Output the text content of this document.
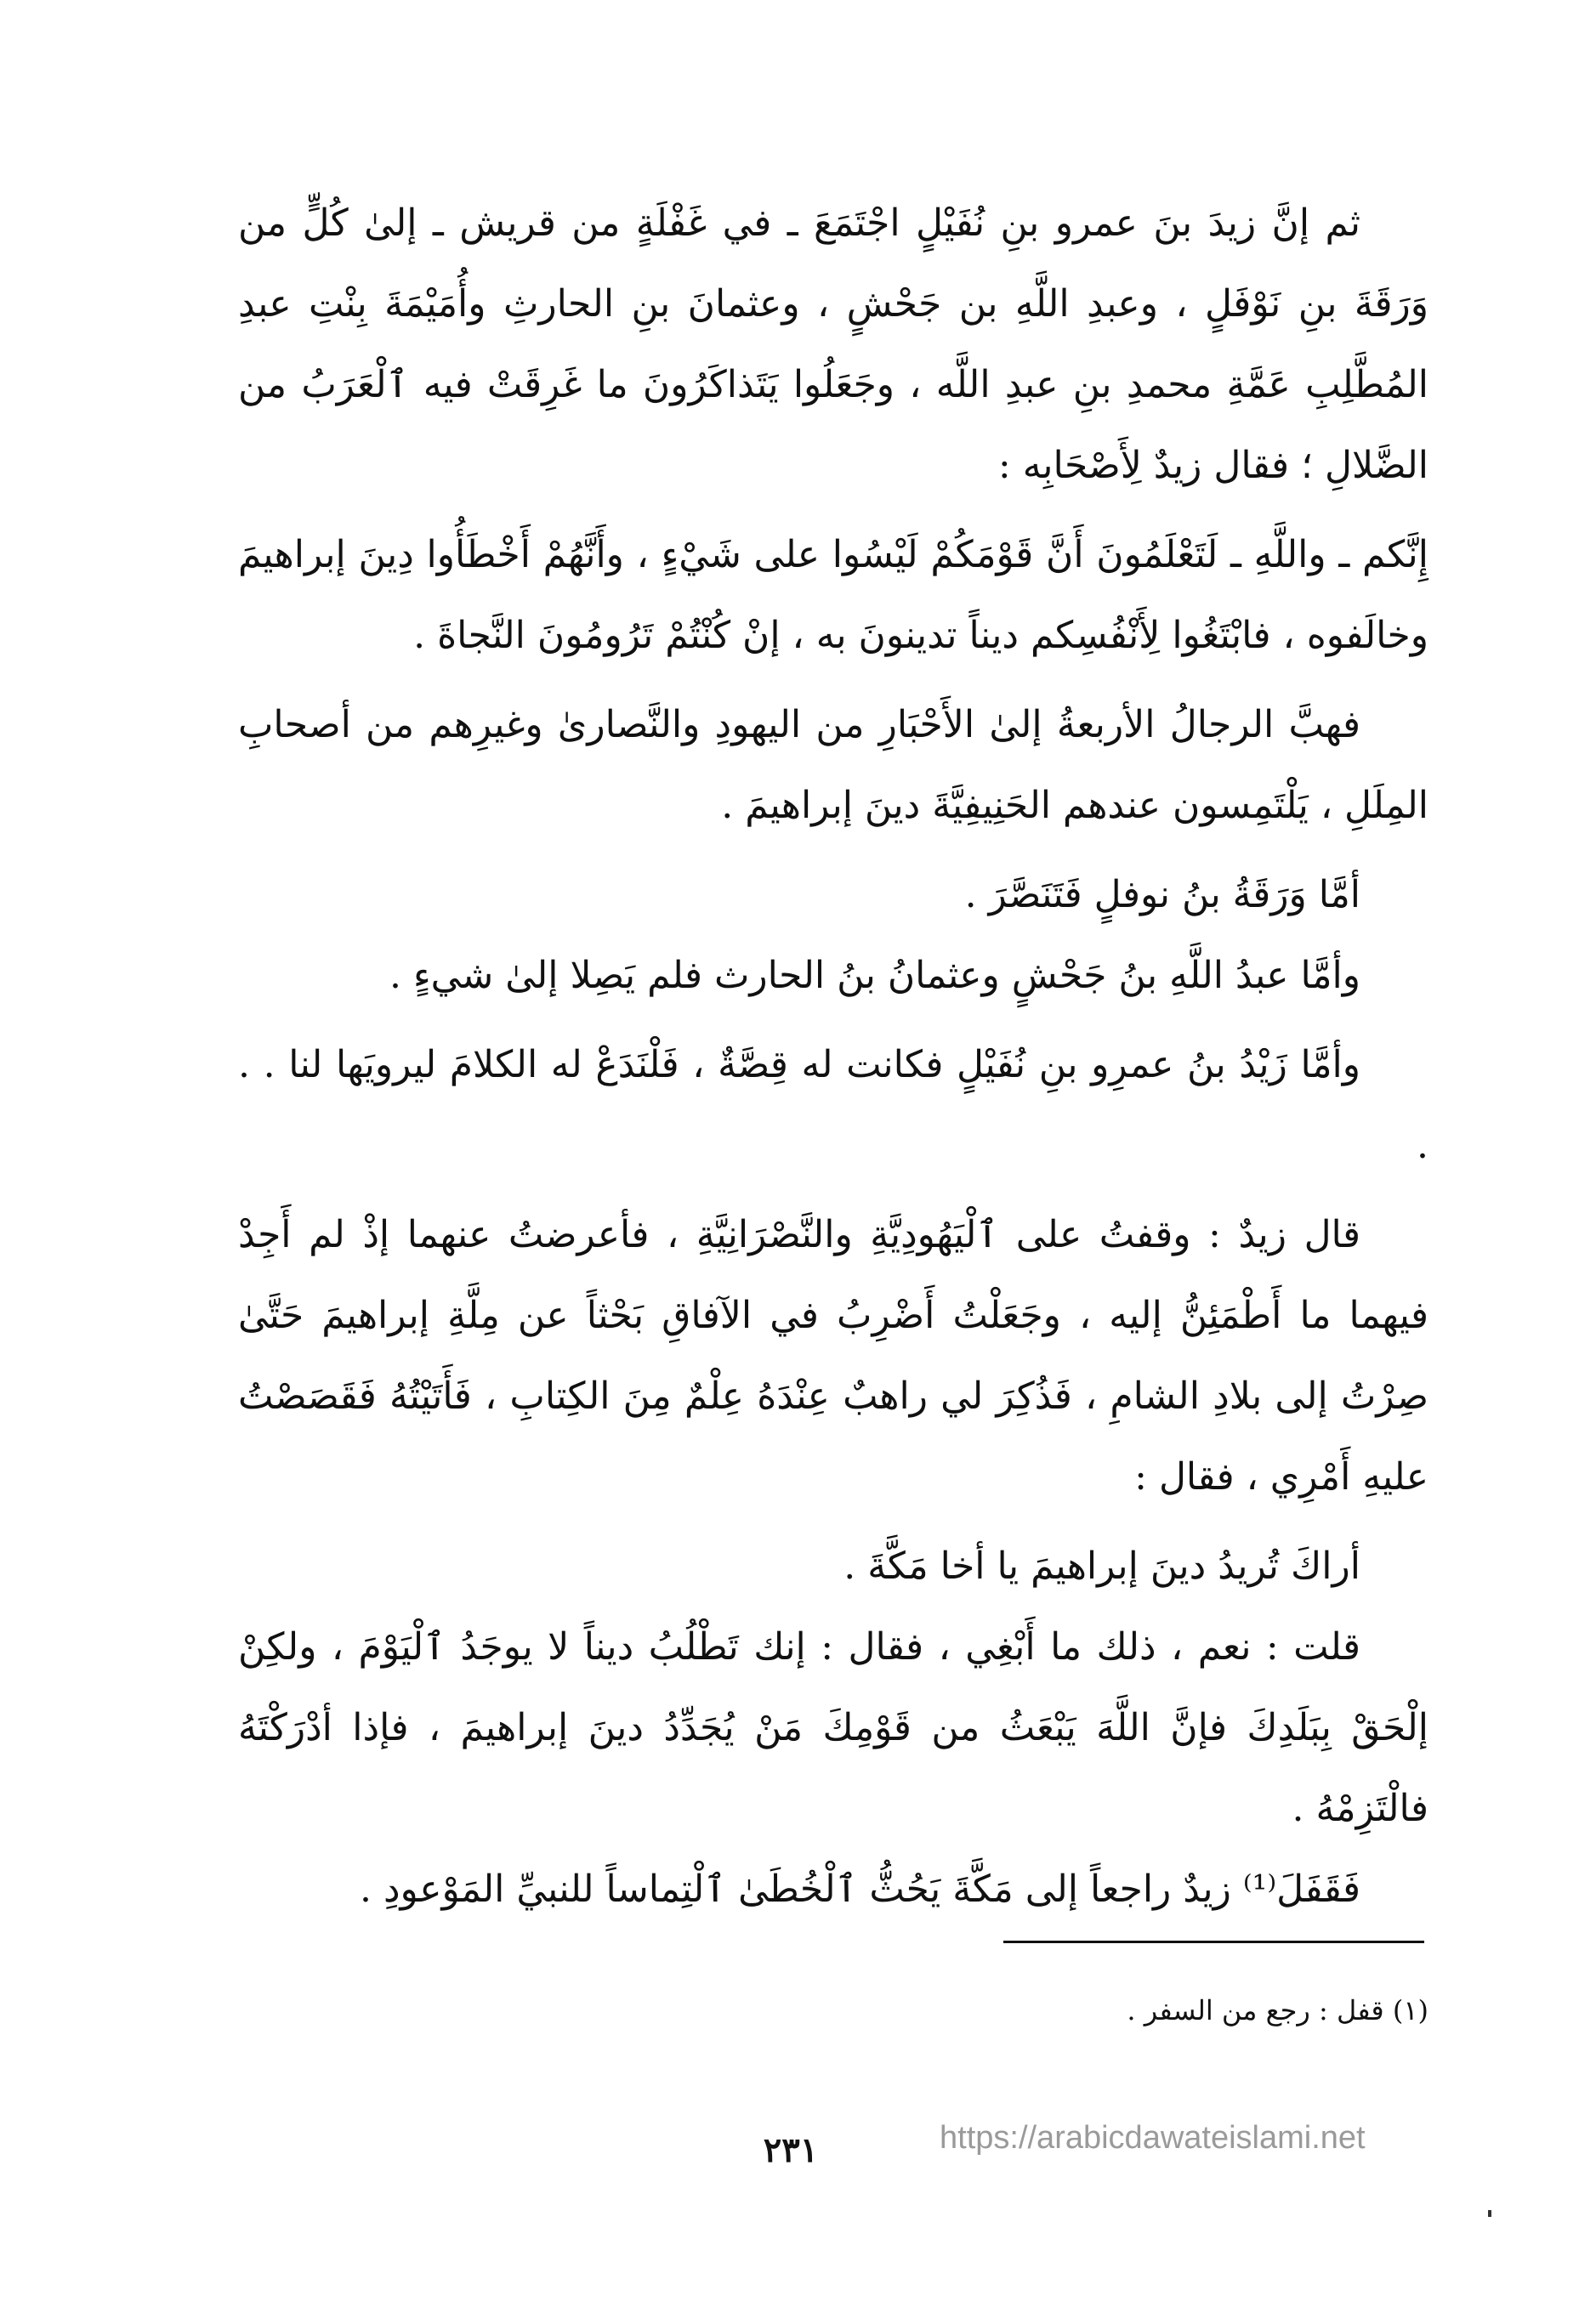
ثم إنَّ زيدَ بنَ عمرو بنِ نُفَيْلٍ اجْتَمَعَ ـ في غَفْلَةٍ من قريش ـ إلىٰ كُلٍّ من وَرَقَةَ بنِ نَوْفَلٍ ، وعبدِ اللَّهِ بن جَحْشٍ ، وعثمانَ بنِ الحارثِ وأُمَيْمَةَ بِنْتِ عبدِ المُطَّلِبِ عَمَّةِ محمدِ بنِ عبدِ اللَّه ، وجَعَلُوا يَتَذاكَرُونَ ما غَرِقَتْ فيه ٱلْعَرَبُ من الضَّلالِ ؛ فقال زيدٌ لِأَصْحَابِه :

إِنَّكم ـ واللَّهِ ـ لَتَعْلَمُونَ أَنَّ قَوْمَكُمْ لَيْسُوا على شَيْءٍ ، وأَنَّهُمْ أَخْطَأُوا دِينَ إبراهيمَ وخالَفوه ، فابْتَغُوا لِأَنْفُسِكم ديناً تدينونَ به ، إنْ كُنْتُمْ تَرُومُونَ النَّجاةَ .

فهبَّ الرجالُ الأربعةُ إلىٰ الأَحْبَارِ من اليهودِ والنَّصارىٰ وغيرِهم من أصحابِ المِلَلِ ، يَلْتَمِسون عندهم الحَنِيفِيَّةَ دينَ إبراهيمَ .

أمَّا وَرَقَةُ بنُ نوفلٍ فَتَنَصَّرَ .

وأمَّا عبدُ اللَّهِ بنُ جَحْشٍ وعثمانُ بنُ الحارث فلم يَصِلا إلىٰ شيءٍ .

وأمَّا زَيْدُ بنُ عمرِو بنِ نُفَيْلٍ فكانت له قِصَّةٌ ، فَلْنَدَعْ له الكلامَ ليرويَها لنا . . .

قال زيدٌ : وقفتُ على ٱلْيَهُودِيَّةِ والنَّصْرَانِيَّةِ ، فأعرضتُ عنهما إذْ لم أَجِدْ فيهما ما أَطْمَئِنُّ إليه ، وجَعَلْتُ أَضْرِبُ في الآفاقِ بَحْثاً عن مِلَّةِ إبراهيمَ حَتَّىٰ صِرْتُ إلى بلادِ الشامِ ، فَذُكِرَ لي راهبٌ عِنْدَهُ عِلْمٌ مِنَ الكِتابِ ، فَأَتَيْتُهُ فَقَصَصْتُ عليهِ أَمْرِي ، فقال :

أراكَ تُريدُ دينَ إبراهيمَ يا أخا مَكَّةَ .

قلت : نعم ، ذلك ما أَبْغِي ، فقال : إنك تَطْلُبُ ديناً لا يوجَدُ ٱلْيَوْمَ ، ولكِنْ إلْحَقْ بِبَلَدِكَ فإنَّ اللَّهَ يَبْعَثُ من قَوْمِكَ مَنْ يُجَدِّدُ دينَ إبراهيمَ ، فإذا أدْرَكْتَهُ فالْتَزِمْهُ .

فَقَفَلَ⁽¹⁾ زيدٌ راجعاً إلى مَكَّةَ يَحُثُّ ٱلْخُطَىٰ ٱلْتِماساً للنبيِّ المَوْعودِ .

(١) قفل : رجع من السفر .
https://arabicdawateislami.net
٢٣١
